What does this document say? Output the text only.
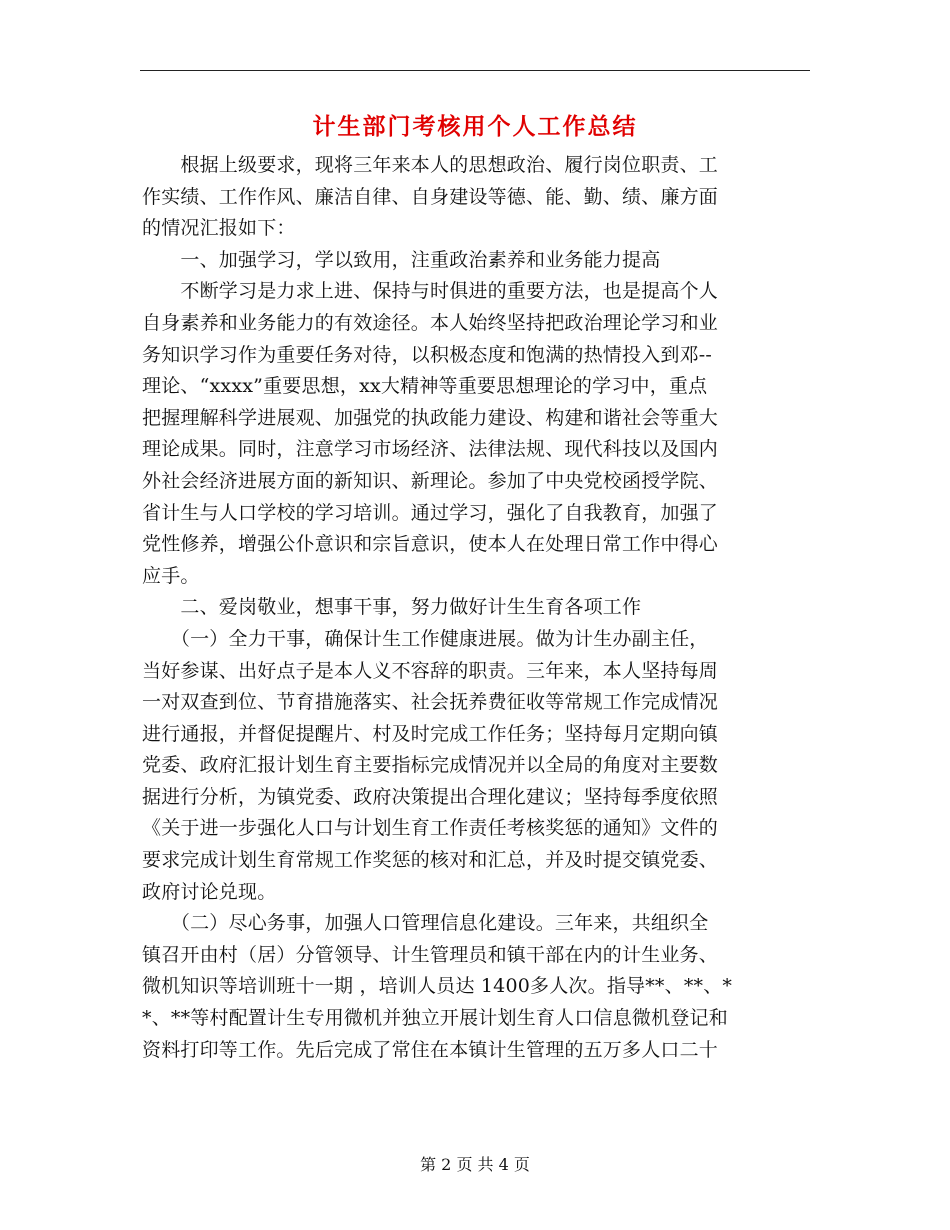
计生部门考核用个人工作总结
　　根据上级要求，现将三年来本人的思想政治、履行岗位职责、工
作实绩、工作作风、廉洁自律、自身建设等德、能、勤、绩、廉方面
的情况汇报如下：
　　一、加强学习，学以致用，注重政治素养和业务能力提高
　　不断学习是力求上进、保持与时俱进的重要方法，也是提高个人
自身素养和业务能力的有效途径。本人始终坚持把政治理论学习和业
务知识学习作为重要任务对待，以积极态度和饱满的热情投入到邓--
理论、“xxxx”重要思想，xx大精神等重要思想理论的学习中，重点
把握理解科学进展观、加强党的执政能力建设、构建和谐社会等重大
理论成果。同时，注意学习市场经济、法律法规、现代科技以及国内
外社会经济进展方面的新知识、新理论。参加了中央党校函授学院、
省计生与人口学校的学习培训。通过学习，强化了自我教育，加强了
党性修养，增强公仆意识和宗旨意识，使本人在处理日常工作中得心
应手。
　　二、爱岗敬业，想事干事，努力做好计生生育各项工作
　　（一）全力干事，确保计生工作健康进展。做为计生办副主任，
当好参谋、出好点子是本人义不容辞的职责。三年来，本人坚持每周
一对双查到位、节育措施落实、社会抚养费征收等常规工作完成情况
进行通报，并督促提醒片、村及时完成工作任务；坚持每月定期向镇
党委、政府汇报计划生育主要指标完成情况并以全局的角度对主要数
据进行分析，为镇党委、政府决策提出合理化建议；坚持每季度依照
《关于进一步强化人口与计划生育工作责任考核奖惩的通知》文件的
要求完成计划生育常规工作奖惩的核对和汇总，并及时提交镇党委、
政府讨论兑现。
　　（二）尽心务事，加强人口管理信息化建设。三年来，共组织全
镇召开由村（居）分管领导、计生管理员和镇干部在内的计生业务、
微机知识等培训班十一期 ，培训人员达 1400多人次。指导**、**、*
*、**等村配置计生专用微机并独立开展计划生育人口信息微机登记和
资料打印等工作。先后完成了常住在本镇计生管理的五万多人口二十
第 2 页 共 4 页
